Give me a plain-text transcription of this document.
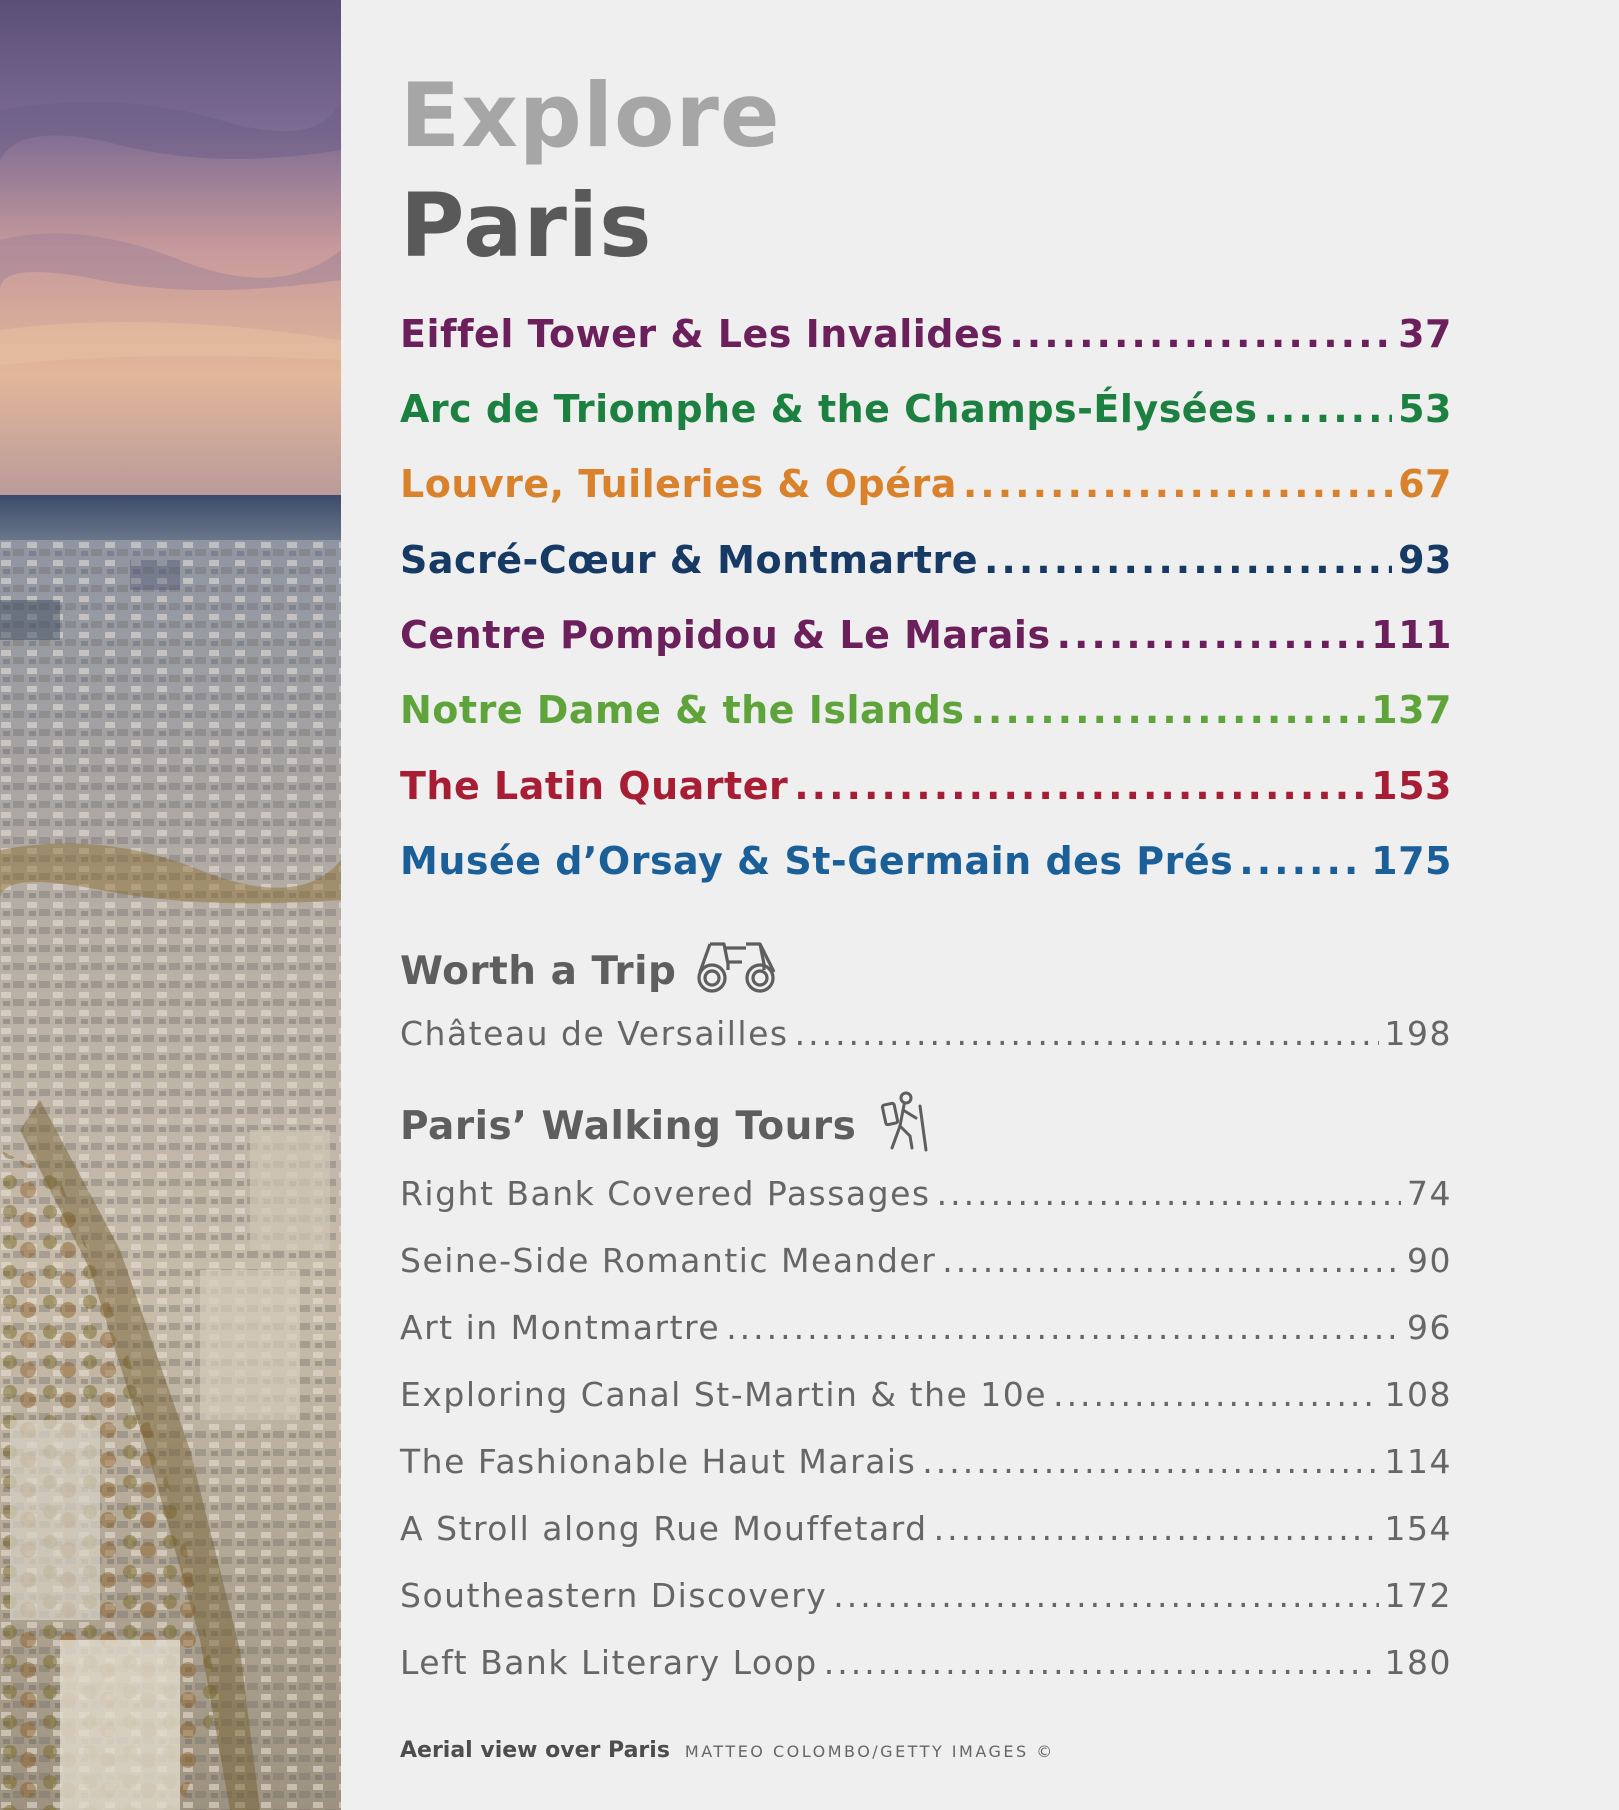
Explore
Paris
Eiffel Tower & Les Invalides .....	37
Arc de Triomphe & the Champs-Élysées .....	53
Louvre, Tuileries & Opéra .....	67
Sacré-Cœur & Montmartre .....	93
Centre Pompidou & Le Marais .....	111
Notre Dame & the Islands .....	137
The Latin Quarter .....	153
Musée d’Orsay & St-Germain des Prés .....	175
Worth a Trip
Château de Versailles .....	198
Paris’ Walking Tours
Right Bank Covered Passages .....	74
Seine-Side Romantic Meander .....	90
Art in Montmartre .....	96
Exploring Canal St-Martin & the 10e .....	108
The Fashionable Haut Marais .....	114
A Stroll along Rue Mouffetard .....	154
Southeastern Discovery .....	172
Left Bank Literary Loop .....	180
Aerial view over Paris MATTEO COLOMBO/GETTY IMAGES ©
